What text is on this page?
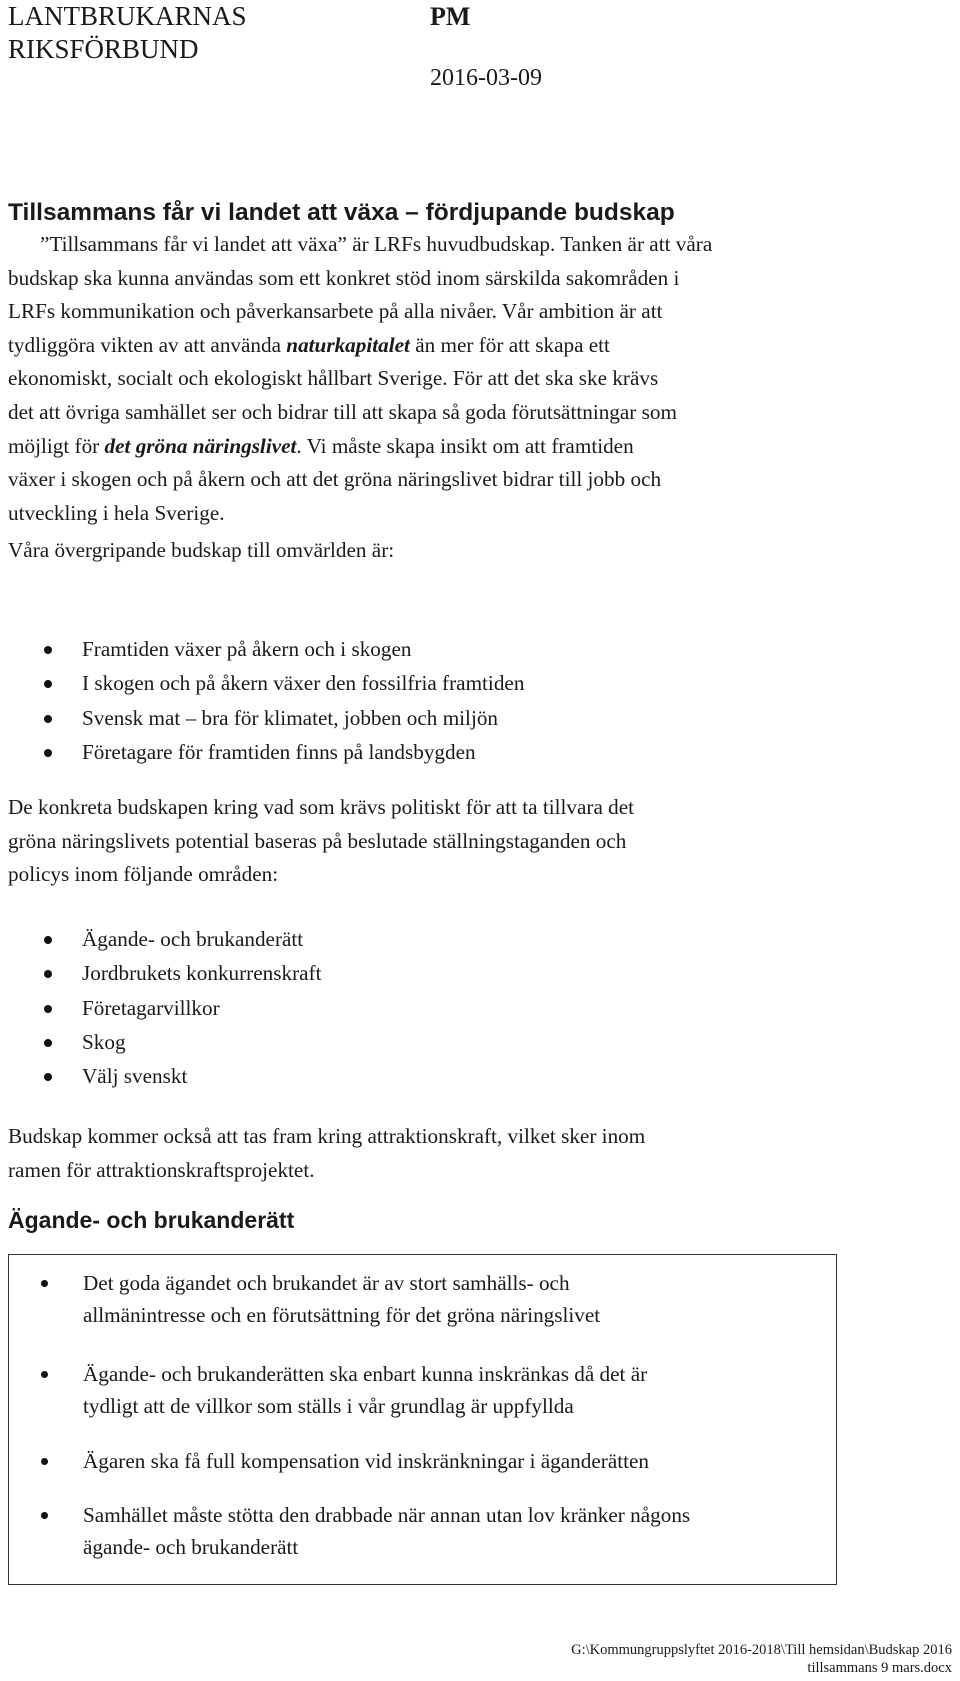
LANTBRUKARNAS
RIKSFÖRBUND
PM
2016-03-09
Tillsammans får vi landet att växa – fördjupande budskap

”Tillsammans får vi landet att växa” är LRFs huvudbudskap. Tanken är att våra
budskap ska kunna användas som ett konkret stöd inom särskilda sakområden i
LRFs kommunikation och påverkansarbete på alla nivåer. Vår ambition är att
tydliggöra vikten av att använda naturkapitalet än mer för att skapa ett
ekonomiskt, socialt och ekologiskt hållbart Sverige. För att det ska ske krävs
det att övriga samhället ser och bidrar till att skapa så goda förutsättningar som
möjligt för det gröna näringslivet. Vi måste skapa insikt om att framtiden
växer i skogen och på åkern och att det gröna näringslivet bidrar till jobb och
utveckling i hela Sverige.

Våra övergripande budskap till omvärlden är:

Framtiden växer på åkern och i skogen
I skogen och på åkern växer den fossilfria framtiden
Svensk mat – bra för klimatet, jobben och miljön
Företagare för framtiden finns på landsbygden

De konkreta budskapen kring vad som krävs politiskt för att ta tillvara det
gröna näringslivets potential baseras på beslutade ställningstaganden och
policys inom följande områden:

Ägande- och brukanderätt
Jordbrukets konkurrenskraft
Företagarvillkor
Skog
Välj svenskt

Budskap kommer också att tas fram kring attraktionskraft, vilket sker inom
ramen för attraktionskraftsprojektet.

Ägande- och brukanderätt
Det goda ägandet och brukandet är av stort samhälls- och
allmänintresse och en förutsättning för det gröna näringslivet
Ägande- och brukanderätten ska enbart kunna inskränkas då det är
tydligt att de villkor som ställs i vår grundlag är uppfyllda
Ägaren ska få full kompensation vid inskränkningar i äganderätten
Samhället måste stötta den drabbade när annan utan lov kränker någons
ägande- och brukanderätt
G:\Kommungruppslyftet 2016-2018\Till hemsidan\Budskap 2016
tillsammans 9 mars.docx
